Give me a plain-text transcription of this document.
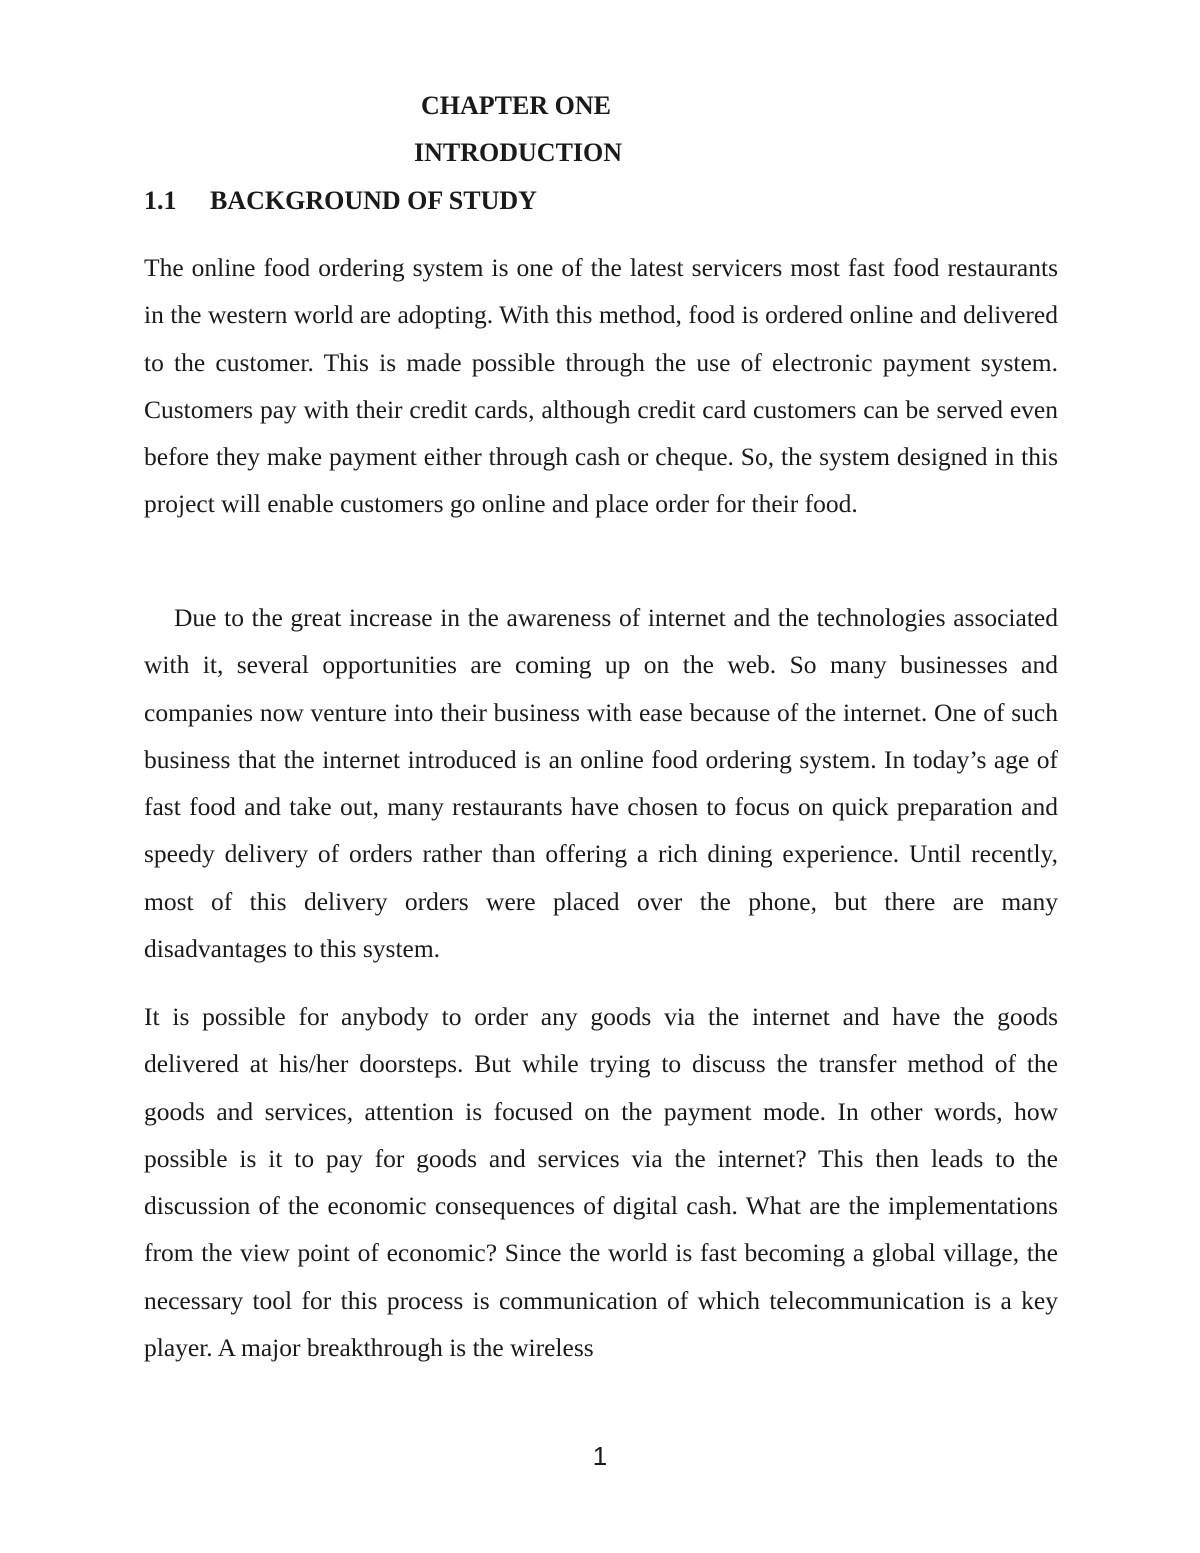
CHAPTER ONE
INTRODUCTION
1.1 BACKGROUND OF STUDY

The online food ordering system is one of the latest servicers most fast food restaurants in the western world are adopting. With this method, food is ordered online and delivered to the customer. This is made possible through the use of electronic payment system. Customers pay with their credit cards, although credit card customers can be served even before they make payment either through cash or cheque. So, the system designed in this project will enable customers go online and place order for their food.

Due to the great increase in the awareness of internet and the technologies associated with it, several opportunities are coming up on the web. So many businesses and companies now venture into their business with ease because of the internet. One of such business that the internet introduced is an online food ordering system. In today’s age of fast food and take out, many restaurants have chosen to focus on quick preparation and speedy delivery of orders rather than offering a rich dining experience. Until recently, most of this delivery orders were placed over the phone, but there are many disadvantages to this system.

It is possible for anybody to order any goods via the internet and have the goods delivered at his/her doorsteps. But while trying to discuss the transfer method of the goods and services, attention is focused on the payment mode. In other words, how possible is it to pay for goods and services via the internet? This then leads to the discussion of the economic consequences of digital cash. What are the implementations from the view point of economic? Since the world is fast becoming a global village, the necessary tool for this process is communication of which telecommunication is a key player. A major breakthrough is the wireless

1
